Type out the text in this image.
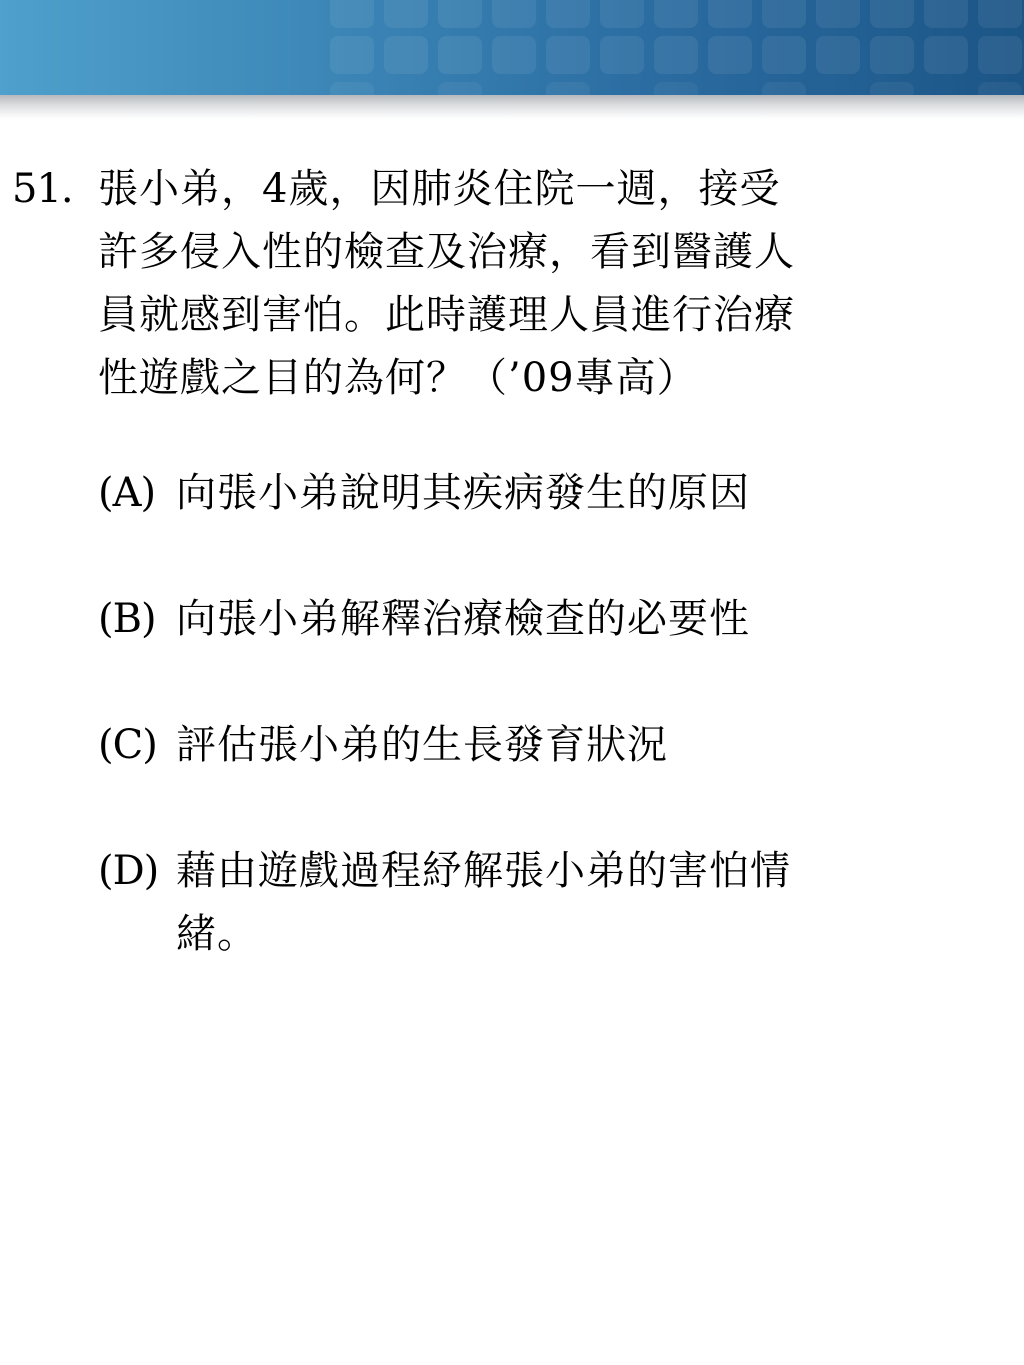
51. 張小弟，4歲，因肺炎住院一週，接受
許多侵入性的檢查及治療，看到醫護人
員就感到害怕。此時護理人員進行治療
性遊戲之目的為何？（’09專高）
(A) 向張小弟說明其疾病發生的原因
(B) 向張小弟解釋治療檢查的必要性
(C) 評估張小弟的生長發育狀況
(D) 藉由遊戲過程紓解張小弟的害怕情
緒。
